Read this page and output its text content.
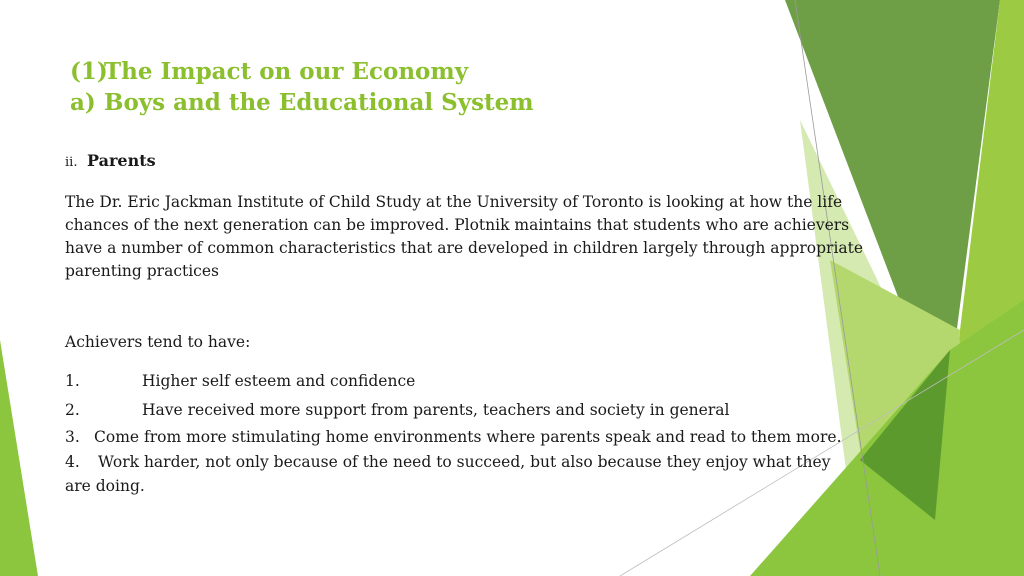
(1)The Impact on our Economy
a) Boys and the Educational System
ii. Parents
The Dr. Eric Jackman Institute of Child Study at the University of Toronto is looking at how the life
chances of the next generation can be improved. Plotnik maintains that students who are achievers
have a number of common characteristics that are developed in children largely through appropriate
parenting practices
Achievers tend to have:
1.	Higher self esteem and confidence
2.	Have received more support from parents, teachers and society in general
3. Come from more stimulating home environments where parents speak and read to them more.
4. Work harder, not only because of the need to succeed, but also because they enjoy what they
are doing.
